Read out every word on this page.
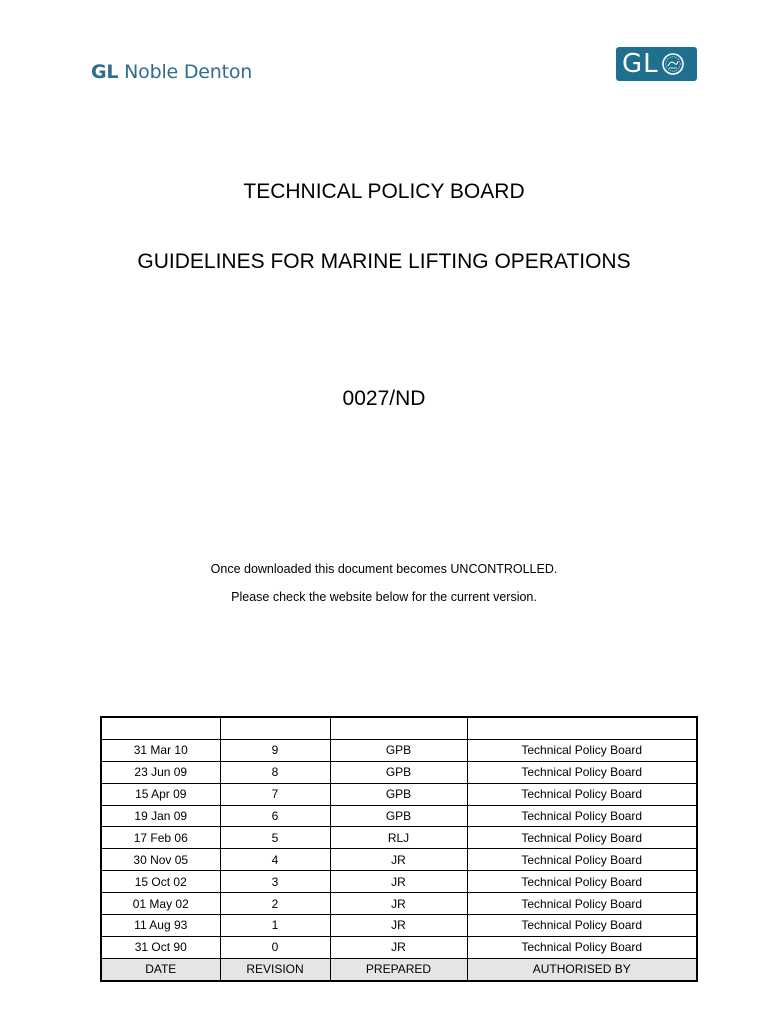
GL Noble Denton	GL
TECHNICAL POLICY BOARD
GUIDELINES FOR MARINE LIFTING OPERATIONS
0027/ND
Once downloaded this document becomes UNCONTROLLED.
Please check the website below for the current version.

31 Mar 10	9	GPB	Technical Policy Board
23 Jun 09	8	GPB	Technical Policy Board
15 Apr 09	7	GPB	Technical Policy Board
19 Jan 09	6	GPB	Technical Policy Board
17 Feb 06	5	RLJ	Technical Policy Board
30 Nov 05	4	JR	Technical Policy Board
15 Oct 02	3	JR	Technical Policy Board
01 May 02	2	JR	Technical Policy Board
11 Aug 93	1	JR	Technical Policy Board
31 Oct 90	0	JR	Technical Policy Board
DATE	REVISION	PREPARED	AUTHORISED BY
